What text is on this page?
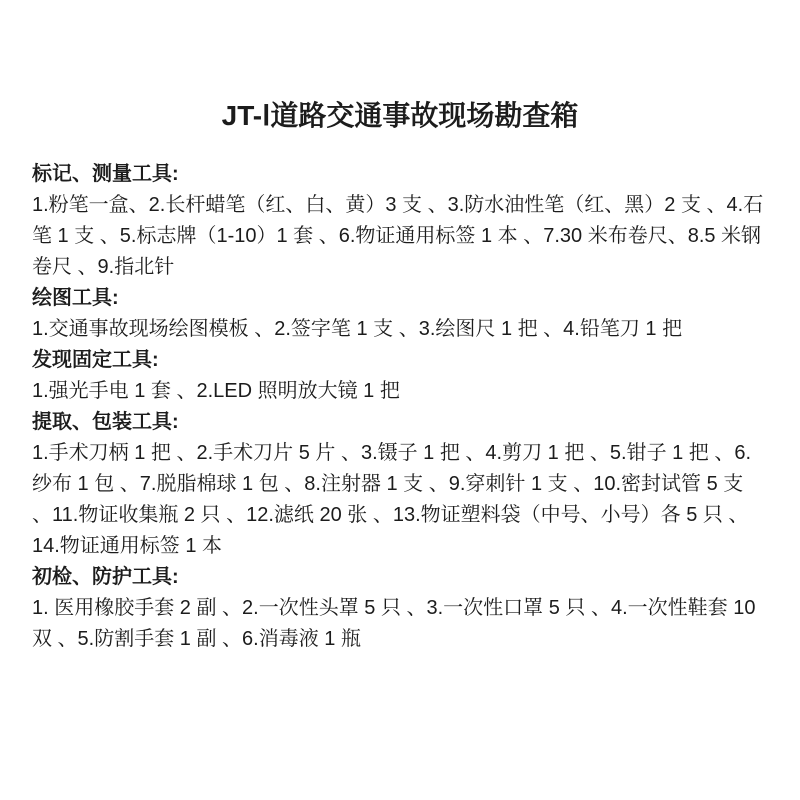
JT-Ⅰ道路交通事故现场勘查箱

标记、测量工具:

1.粉笔一盒、2.长杆蜡笔（红、白、黄）3 支 、3.防水油性笔（红、黑）2 支 、4.石笔 1 支 、5.标志牌（1-10）1 套 、6.物证通用标签 1 本 、7.30 米布卷尺、8.5 米钢卷尺 、9.指北针

绘图工具:

1.交通事故现场绘图模板 、2.签字笔 1 支 、3.绘图尺 1 把 、4.铅笔刀 1 把

发现固定工具:

1.强光手电 1 套 、2.LED 照明放大镜 1 把

提取、包装工具:

1.手术刀柄 1 把 、2.手术刀片 5 片 、3.镊子 1 把 、4.剪刀 1 把 、5.钳子 1 把 、6.纱布 1 包 、7.脱脂棉球 1 包 、8.注射器 1 支 、9.穿刺针 1 支 、10.密封试管 5 支 、11.物证收集瓶 2 只 、12.滤纸 20 张 、13.物证塑料袋（中号、小号）各 5 只 、14.物证通用标签 1 本

初检、防护工具:

1. 医用橡胶手套 2 副 、2.一次性头罩 5 只 、3.一次性口罩 5 只 、4.一次性鞋套 10 双 、5.防割手套 1 副 、6.消毒液 1 瓶
